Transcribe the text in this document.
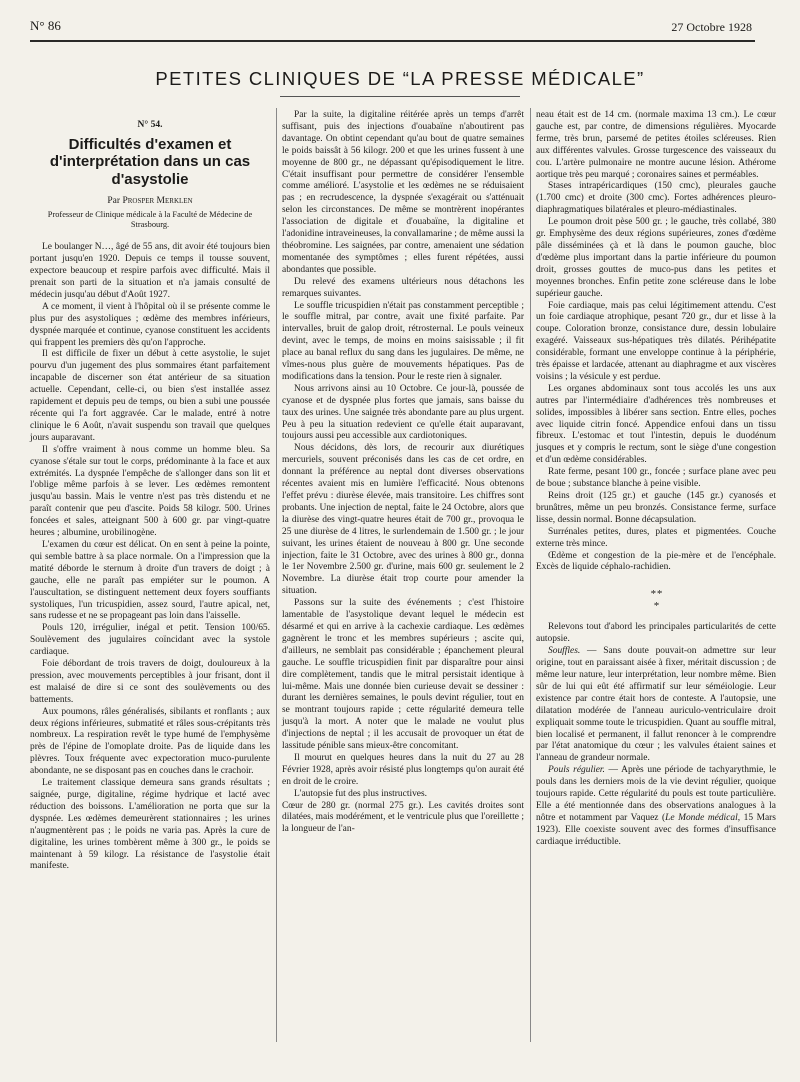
N° 86	27 Octobre 1928
PETITES CLINIQUES DE “LA PRESSE MÉDICALE”
N° 54.
Difficultés d'examen et d'interprétation dans un cas d'asystolie
Par Prosper Merklen
Professeur de Clinique médicale à la Faculté de Médecine de Strasbourg.

Le boulanger N…, âgé de 55 ans, dit avoir été toujours bien portant jusqu'en 1920. Depuis ce temps il tousse souvent, expectore beaucoup et respire parfois avec difficulté. Mais il prenait son parti de la situation et n'a jamais consulté de médecin jusqu'au début d'Août 1927.

A ce moment, il vient à l'hôpital où il se présente comme le plus pur des asystoliques ; œdème des membres inférieurs, dyspnée marquée et continue, cyanose constituent les accidents qui frappent les premiers dès qu'on l'approche.

Il est difficile de fixer un début à cette asystolie, le sujet pourvu d'un jugement des plus sommaires étant parfaitement incapable de discerner son état antérieur de sa situation actuelle. Cependant, celle-ci, ou bien s'est installée assez rapidement et depuis peu de temps, ou bien a subi une poussée récente qui l'a fort aggravée. Car le malade, entré à notre clinique le 6 Août, n'avait suspendu son travail que quelques jours auparavant.

Il s'offre vraiment à nous comme un homme bleu. Sa cyanose s'étale sur tout le corps, prédominante à la face et aux extrémités. La dyspnée l'empêche de s'allonger dans son lit et l'oblige même parfois à se lever. Les œdèmes remontent jusqu'au bassin. Mais le ventre n'est pas très distendu et ne paraît contenir que peu d'ascite. Poids 58 kilogr. 500. Urines foncées et sales, atteignant 500 à 600 gr. par vingt-quatre heures ; albumine, urobilinogène.

L'examen du cœur est délicat. On en sent à peine la pointe, qui semble battre à sa place normale. On a l'impression que la matité déborde le sternum à droite d'un travers de doigt ; à gauche, elle ne paraît pas empiéter sur le poumon. A l'auscultation, se distinguent nettement deux foyers souffiants systoliques, l'un tricuspidien, assez sourd, l'autre apical, net, sans rudesse et ne se propageant pas loin dans l'aisselle.

Pouls 120, irrégulier, inégal et petit. Tension 100/65. Soulèvement des jugulaires coïncidant avec la systole cardiaque.

Foie débordant de trois travers de doigt, douloureux à la pression, avec mouvements perceptibles à jour frisant, dont il est malaisé de dire si ce sont des soulèvements ou des battements.

Aux poumons, râles généralisés, sibilants et ronflants ; aux deux régions inférieures, submatité et râles sous-crépitants très nombreux. La respiration revêt le type humé de l'emphysème près de l'épine de l'omoplate droite. Pas de liquide dans les plèvres. Toux fréquente avec expectoration muco-purulente abondante, ne se disposant pas en couches dans le crachoir.

Le traitement classique demeura sans grands résultats ; saignée, purge, digitaline, régime hydrique et lacté avec réduction des boissons. L'amélioration ne porta que sur la dyspnée. Les œdèmes demeurèrent stationnaires ; les urines n'augmentèrent pas ; le poids ne varia pas. Après la cure de digitaline, les urines tombèrent même à 300 gr., le poids se maintenant à 59 kilogr. La résistance de l'asystolie était manifeste.

Par la suite, la digitaline réitérée après un temps d'arrêt suffisant, puis des injections d'ouabaïne n'aboutirent pas davantage. On obtint cependant qu'au bout de quatre semaines le poids baissât à 56 kilogr. 200 et que les urines fussent à une moyenne de 800 gr., ne dépassant qu'épisodiquement le litre. C'était insuffisant pour permettre de considérer l'ensemble comme amélioré. L'asystolie et les œdèmes ne se réduisaient pas ; en recrudescence, la dyspnée s'exagérait ou s'atténuait selon les circonstances. De même se montrèrent inopérantes l'association de digitale et d'ouabaïne, la digitaline et l'adonidine intraveineuses, la convallamarine ; de même aussi la théobromine. Les saignées, par contre, amenaient une sédation momentanée des symptômes ; elles furent répétées, aussi abondantes que possible.

Du relevé des examens ultérieurs nous détachons les remarques suivantes.

Le souffle tricuspidien n'était pas constamment perceptible ; le souffle mitral, par contre, avait une fixité parfaite. Par intervalles, bruit de galop droit, rétrosternal. Le pouls veineux devint, avec le temps, de moins en moins saisissable ; il fit place au banal reflux du sang dans les jugulaires. De même, ne vîmes-nous plus guère de mouvements hépatiques. Pas de modifications dans la tension. Pour le reste rien à signaler.

Nous arrivons ainsi au 10 Octobre. Ce jour-là, poussée de cyanose et de dyspnée plus fortes que jamais, sans baisse du taux des urines. Une saignée très abondante pare au plus urgent. Peu à peu la situation redevient ce qu'elle était auparavant, toujours aussi peu accessible aux cardiotoniques.

Nous décidons, dès lors, de recourir aux diurétiques mercuriels, souvent préconisés dans les cas de cet ordre, en donnant la préférence au neptal dont diverses observations récentes avaient mis en lumière l'efficacité. Nous obtenons l'effet prévu : diurèse élevée, mais transitoire. Les chiffres sont probants. Une injection de neptal, faite le 24 Octobre, alors que la diurèse des vingt-quatre heures était de 700 gr., provoqua le 25 une diurèse de 4 litres, le surlendemain de 1.500 gr. ; le jour suivant, les urines étaient de nouveau à 800 gr. Une seconde injection, faite le 31 Octobre, avec des urines à 800 gr., donna le 1er Novembre 2.500 gr. d'urine, mais 600 gr. seulement le 2 Novembre. La diurèse était trop courte pour amender la situation.

Passons sur la suite des événements ; c'est l'histoire lamentable de l'asystolique devant lequel le médecin est désarmé et qui en arrive à la cachexie cardiaque. Les œdèmes gagnèrent le tronc et les membres supérieurs ; ascite qui, d'ailleurs, ne semblait pas considérable ; épanchement pleural gauche. Le souffle tricuspidien finit par disparaître pour ainsi dire complètement, tandis que le mitral persistait identique à lui-même. Mais une donnée bien curieuse devait se dessiner : durant les dernières semaines, le pouls devint régulier, tout en se montrant toujours rapide ; cette régularité demeura telle jusqu'à la mort. A noter que le malade ne voulut plus d'injections de neptal ; il les accusait de provoquer un état de lassitude pénible sans mieux-être concomitant.

Il mourut en quelques heures dans la nuit du 27 au 28 Février 1928, après avoir résisté plus longtemps qu'on aurait été en droit de le croire.

L'autopsie fut des plus instructives.

Cœur de 280 gr. (normal 275 gr.). Les cavités droites sont dilatées, mais modérément, et le ventricule plus que l'oreillette ; la longueur de l'an-

neau était est de 14 cm. (normale maxima 13 cm.). Le cœur gauche est, par contre, de dimensions régulières. Myocarde ferme, très brun, parsemé de petites étoiles scléreuses. Rien aux différentes valvules. Grosse turgescence des vaisseaux du cou. L'artère pulmonaire ne montre aucune lésion. Athérome aortique très peu marqué ; coronaires saines et perméables.

Stases intrapéricardiques (150 cmc), pleurales gauche (1.700 cmc) et droite (300 cmc). Fortes adhérences pleuro-diaphragmatiques bilatérales et pleuro-médiastinales.

Le poumon droit pèse 500 gr. ; le gauche, très collabé, 380 gr. Emphysème des deux régions supérieures, zones d'œdème pâle disséminées çà et là dans le poumon gauche, bloc d'œdème plus important dans la partie inférieure du poumon droit, grosses gouttes de muco-pus dans les petites et moyennes bronches. Enfin petite zone scléreuse dans le lobe supérieur gauche.

Foie cardiaque, mais pas celui légitimement attendu. C'est un foie cardiaque atrophique, pesant 720 gr., dur et lisse à la coupe. Coloration bronze, consistance dure, dessin lobulaire exagéré. Vaisseaux sus-hépatiques très dilatés. Périhépatite considérable, formant une enveloppe continue à la périphérie, très épaisse et lardacée, attenant au diaphragme et aux viscères voisins ; la vésicule y est perdue.

Les organes abdominaux sont tous accolés les uns aux autres par l'intermédiaire d'adhérences très nombreuses et solides, impossibles à libérer sans section. Entre elles, poches avec liquide citrin foncé. Appendice enfoui dans un tissu fibreux. L'estomac et tout l'intestin, depuis le duodénum jusques et y compris le rectum, sont le siège d'une congestion et d'un œdème considérables.

Rate ferme, pesant 100 gr., foncée ; surface plane avec peu de boue ; substance blanche à peine visible.

Reins droit (125 gr.) et gauche (145 gr.) cyanosés et brunâtres, même un peu bronzés. Consistance ferme, surface lisse, dessin normal. Bonne décapsulation.

Surrénales petites, dures, plates et pigmentées. Couche externe très mince.

Œdème et congestion de la pie-mère et de l'encéphale. Excès de liquide céphalo-rachidien.

* *
*

Relevons tout d'abord les principales particularités de cette autopsie.

Souffles. — Sans doute pouvait-on admettre sur leur origine, tout en paraissant aisée à fixer, méritait discussion ; de même leur nature, leur interprétation, leur nombre même. Bien sûr de lui qui eût été affirmatif sur leur séméiologie. Leur existence par contre était hors de conteste. A l'autopsie, une dilatation modérée de l'anneau auriculo-ventriculaire droit expliquait somme toute le tricuspidien. Quant au souffle mitral, bien localisé et permanent, il fallut renoncer à le comprendre par l'état anatomique du cœur ; les valvules étaient saines et l'anneau de grandeur normale.

Pouls régulier. — Après une période de tachyarythmie, le pouls dans les derniers mois de la vie devint régulier, quoique toujours rapide. Cette régularité du pouls est toute particulière. Elle a été mentionnée dans des observations analogues à la nôtre et notamment par Vaquez (Le Monde médical, 15 Mars 1923). Elle coexiste souvent avec des formes d'insuffisance cardiaque irréductible.
